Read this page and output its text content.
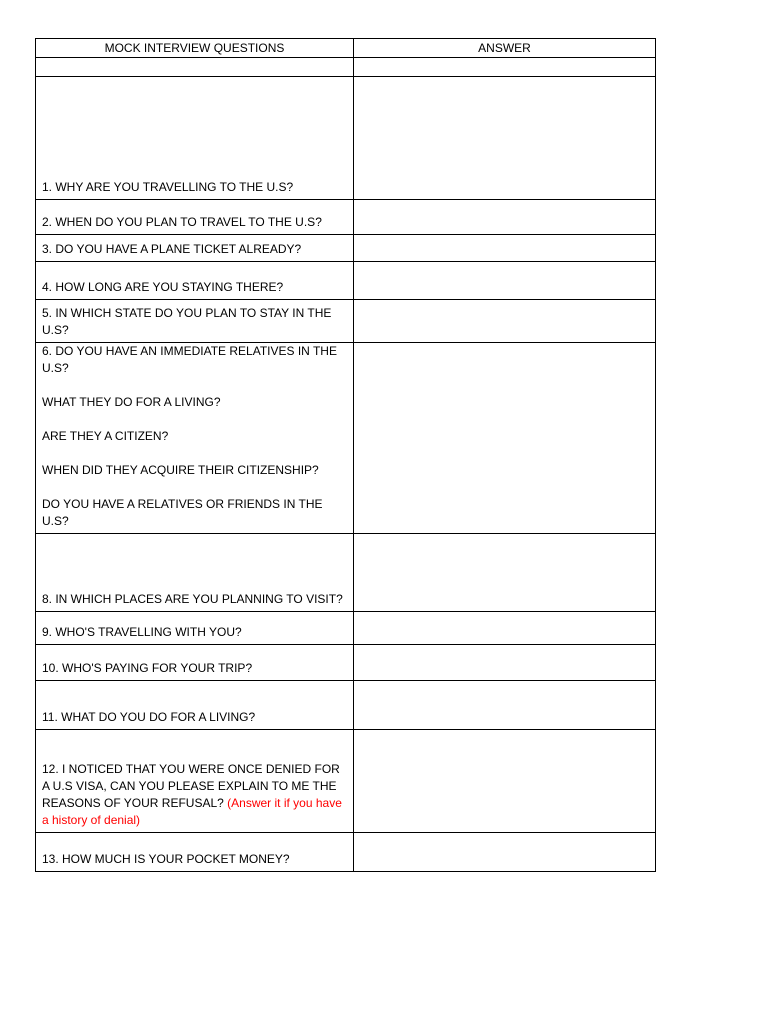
MOCK INTERVIEW QUESTIONS	ANSWER

1. WHY ARE YOU TRAVELLING TO THE U.S?	
2. WHEN DO YOU PLAN TO TRAVEL TO THE U.S?	
3. DO YOU HAVE A PLANE TICKET ALREADY?	
4. HOW LONG ARE YOU STAYING THERE?	
5. IN WHICH STATE DO YOU PLAN TO STAY IN THE U.S?	

6. DO YOU HAVE AN IMMEDIATE RELATIVES IN THE U.S?
WHAT THEY DO FOR A LIVING?
ARE THEY A CITIZEN?
WHEN DID THEY ACQUIRE THEIR CITIZENSHIP?
DO YOU HAVE A RELATIVES OR FRIENDS IN THE U.S?	

8. IN WHICH PLACES ARE YOU PLANNING TO VISIT?	
9. WHO'S TRAVELLING WITH YOU?	
10. WHO'S PAYING FOR YOUR TRIP?	
11. WHAT DO YOU DO FOR A LIVING?	
12. I NOTICED THAT YOU WERE ONCE DENIED FOR A U.S VISA, CAN YOU PLEASE EXPLAIN TO ME THE REASONS OF YOUR REFUSAL? (Answer it if you have a history of denial)	
13. HOW MUCH IS YOUR POCKET MONEY?	
